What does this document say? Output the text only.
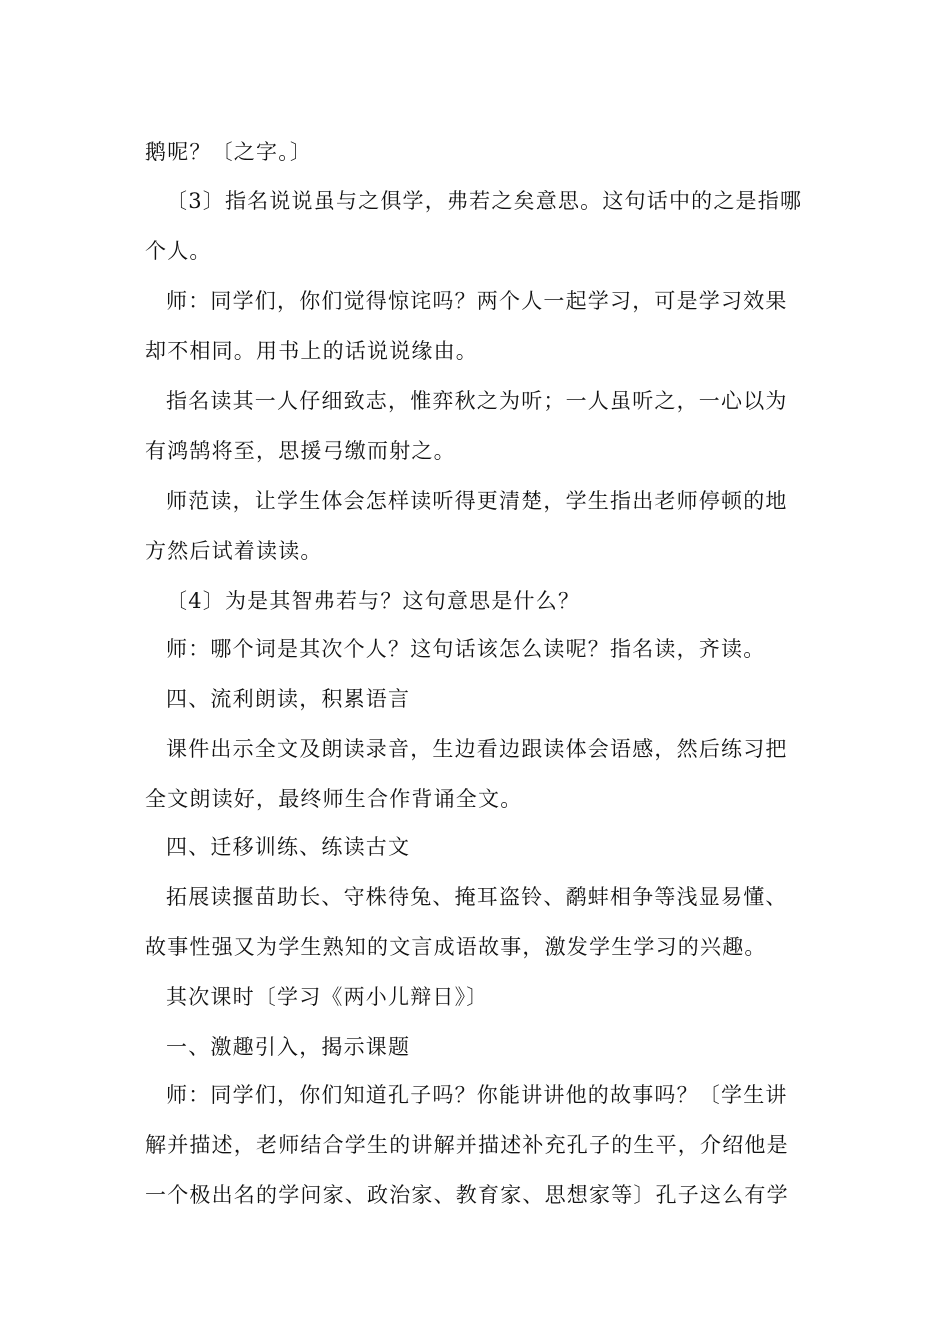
鹅呢？〔之字。〕
〔3〕指名说说虽与之俱学，弗若之矣意思。这句话中的之是指哪
个人。
师：同学们，你们觉得惊诧吗？两个人一起学习，可是学习效果
却不相同。用书上的话说说缘由。
指名读其一人仔细致志，惟弈秋之为听；一人虽听之，一心以为
有鸿鹄将至，思援弓缴而射之。
师范读，让学生体会怎样读听得更清楚，学生指出老师停顿的地
方然后试着读读。
〔4〕为是其智弗若与？这句意思是什么？
师：哪个词是其次个人？这句话该怎么读呢？指名读，齐读。
四、流利朗读，积累语言
课件出示全文及朗读录音，生边看边跟读体会语感，然后练习把
全文朗读好，最终师生合作背诵全文。
四、迁移训练、练读古文
拓展读揠苗助长、守株待兔、掩耳盗铃、鹬蚌相争等浅显易懂、
故事性强又为学生熟知的文言成语故事，激发学生学习的兴趣。
其次课时〔学习《两小儿辩日》〕
一、激趣引入，揭示课题
师：同学们，你们知道孔子吗？你能讲讲他的故事吗？〔学生讲
解并描述，老师结合学生的讲解并描述补充孔子的生平，介绍他是
一个极出名的学问家、政治家、教育家、思想家等〕孔子这么有学
